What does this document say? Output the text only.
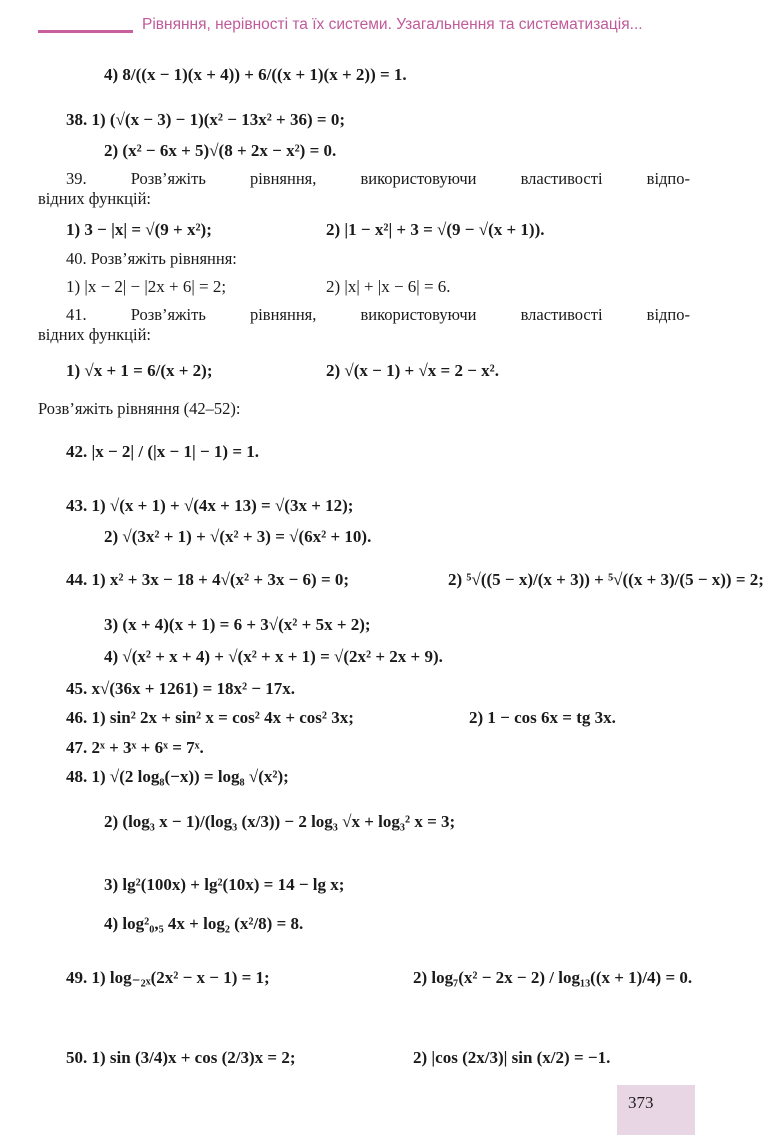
Рівняння, нерівності та їх системи. Узагальнення та систематизація...
4) 8/((x − 1)(x + 4)) + 6/((x + 1)(x + 2)) = 1.
38. 1) (√(x − 3) − 1)(x² − 13x² + 36) = 0;
2) (x² − 6x + 5)√(8 + 2x − x²) = 0.
39. Розв’яжіть рівняння, використовуючи властивості відпо-
відних функцій:
1) 3 − |x| = √(9 + x²);	2) |1 − x²| + 3 = √(9 − √(x + 1)).
40. Розв’яжіть рівняння:
1) |x − 2| − |2x + 6| = 2;	2) |x| + |x − 6| = 6.
41. Розв’яжіть рівняння, використовуючи властивості відпо-
відних функцій:
1) √x + 1 = 6/(x + 2);	2) √(x − 1) + √x = 2 − x².
Розв’яжіть рівняння (42–52):
42. |x − 2| / (|x − 1| − 1) = 1.
43. 1) √(x + 1) + √(4x + 13) = √(3x + 12);
2) √(3x² + 1) + √(x² + 3) = √(6x² + 10).
44. 1) x² + 3x − 18 + 4√(x² + 3x − 6) = 0;	2) ⁵√((5 − x)/(x + 3)) + ⁵√((x + 3)/(5 − x)) = 2;
3) (x + 4)(x + 1) = 6 + 3√(x² + 5x + 2);
4) √(x² + x + 4) + √(x² + x + 1) = √(2x² + 2x + 9).
45. x√(36x + 1261) = 18x² − 17x.
46. 1) sin² 2x + sin² x = cos² 4x + cos² 3x;	2) 1 − cos 6x = tg 3x.
47. 2ˣ + 3ˣ + 6ˣ = 7ˣ.
48. 1) √(2 log₈(−x)) = log₈ √(x²);
2) (log₃ x − 1)/(log₃ (x/3)) − 2 log₃ √x + log₃² x = 3;
3) lg²(100x) + lg²(10x) = 14 − lg x;
4) log²₀,₅ 4x + log₂ (x²/8) = 8.
49. 1) log₋₂ₓ(2x² − x − 1) = 1;	2) log₇(x² − 2x − 2) / log₁₃((x + 1)/4) = 0.
50. 1) sin (3/4)x + cos (2/3)x = 2;	2) |cos (2x/3)| sin (x/2) = −1.
373
